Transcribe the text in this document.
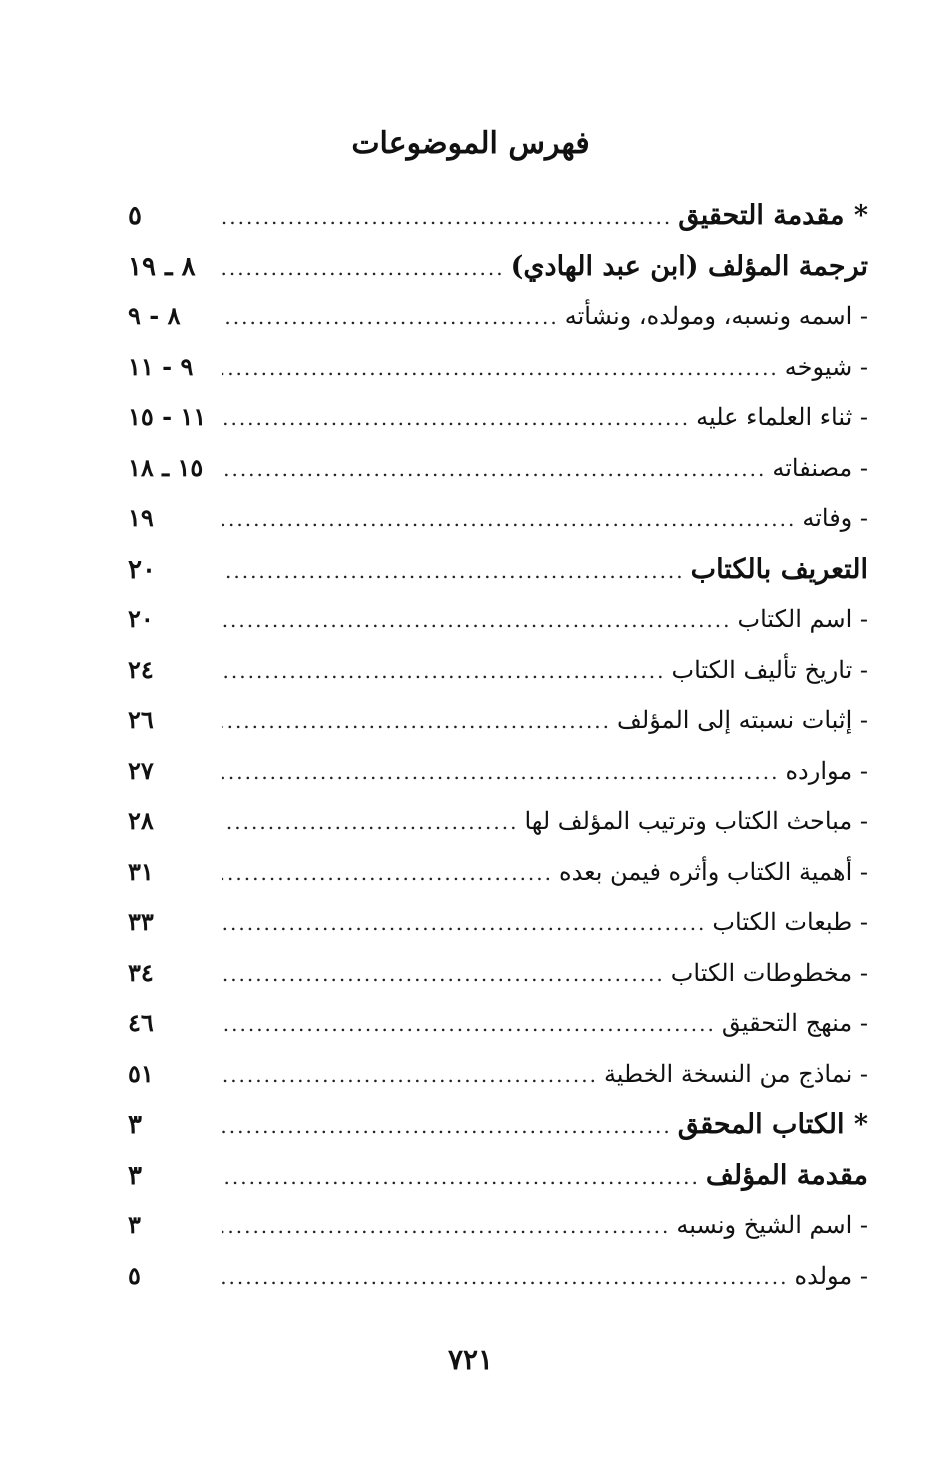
فهرس الموضوعات
* مقدمة التحقيق
.....
٥
ترجمة المؤلف (ابن عبد الهادي)
.....
٨ ـ ١٩
- اسمه ونسبه، ومولده، ونشأته
.....
٨ - ٩
- شيوخه
.....
٩ - ١١
- ثناء العلماء عليه
.....
١١ - ١٥
- مصنفاته
.....
١٥ ـ ١٨
- وفاته
.....
١٩
التعريف بالكتاب
.....
٢٠
- اسم الكتاب
.....
٢٠
- تاريخ تأليف الكتاب
.....
٢٤
- إثبات نسبته إلى المؤلف
.....
٢٦
- موارده
.....
٢٧
- مباحث الكتاب وترتيب المؤلف لها
.....
٢٨
- أهمية الكتاب وأثره فيمن بعده
.....
٣١
- طبعات الكتاب
.....
٣٣
- مخطوطات الكتاب
.....
٣٤
- منهج التحقيق
.....
٤٦
- نماذج من النسخة الخطية
.....
٥١
* الكتاب المحقق
.....
٣
مقدمة المؤلف
.....
٣
- اسم الشيخ ونسبه
.....
٣
- مولده
.....
٥
٧٢١
